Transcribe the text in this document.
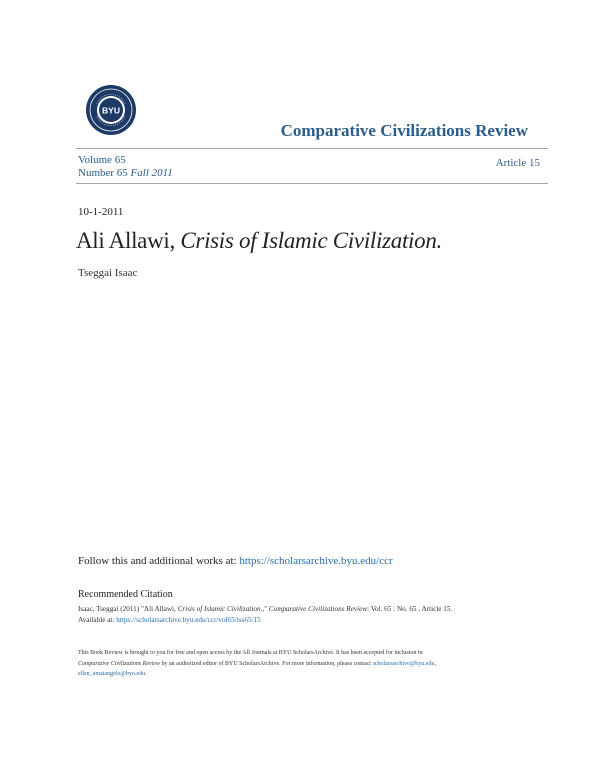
BYU
Comparative Civilizations Review
Volume 65
Number 65 Fall 2011
Article 15
10-1-2011
Ali Allawi, Crisis of Islamic Civilization.
Tseggai Isaac
Follow this and additional works at: https://scholarsarchive.byu.edu/ccr
Recommended Citation
Isaac, Tseggai (2011) "Ali Allawi, Crisis of Islamic Civilization.," Comparative Civilizations Review: Vol. 65 : No. 65 , Article 15.
Available at: https://scholarsarchive.byu.edu/ccr/vol65/iss65/15
This Book Review is brought to you for free and open access by the All Journals at BYU ScholarsArchive. It has been accepted for inclusion in
Comparative Civilizations Review by an authorized editor of BYU ScholarsArchive. For more information, please contact scholarsarchive@byu.edu,
ellen_amatangelo@byu.edu.
